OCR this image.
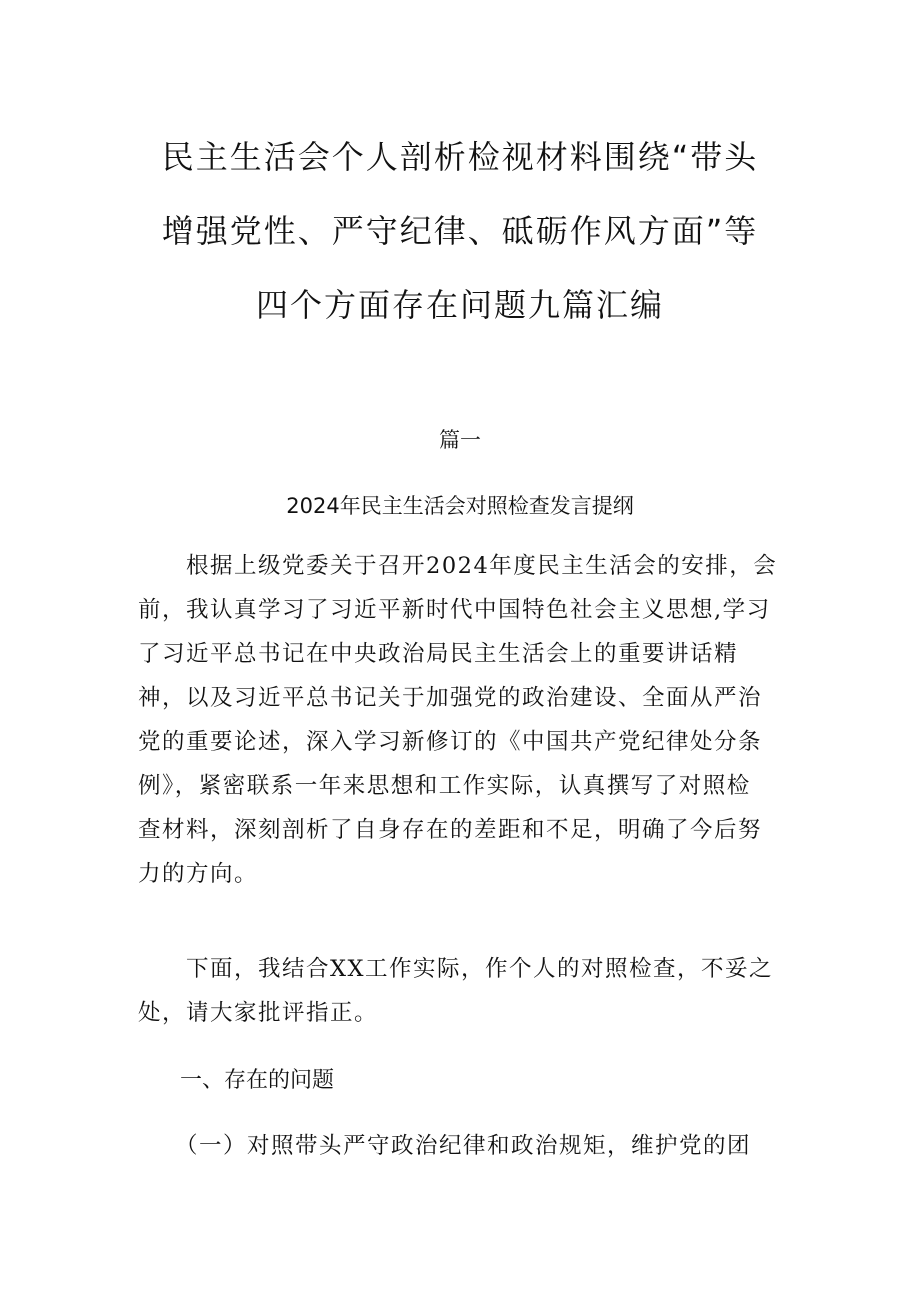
民主生活会个人剖析检视材料围绕“带头
增强党性、严守纪律、砥砺作风方面”等
四个方面存在问题九篇汇编
篇一
2024年民主生活会对照检查发言提纲
　　根据上级党委关于召开2024年度民主生活会的安排，会
前，我认真学习了习近平新时代中国特色社会主义思想,学习
了习近平总书记在中央政治局民主生活会上的重要讲话精
神，以及习近平总书记关于加强党的政治建设、全面从严治
党的重要论述，深入学习新修订的《中国共产党纪律处分条
例》，紧密联系一年来思想和工作实际，认真撰写了对照检
查材料，深刻剖析了自身存在的差距和不足，明确了今后努
力的方向。
　　下面，我结合XX工作实际，作个人的对照检查，不妥之
处，请大家批评指正。
一、存在的问题
（一）对照带头严守政治纪律和政治规矩，维护党的团
